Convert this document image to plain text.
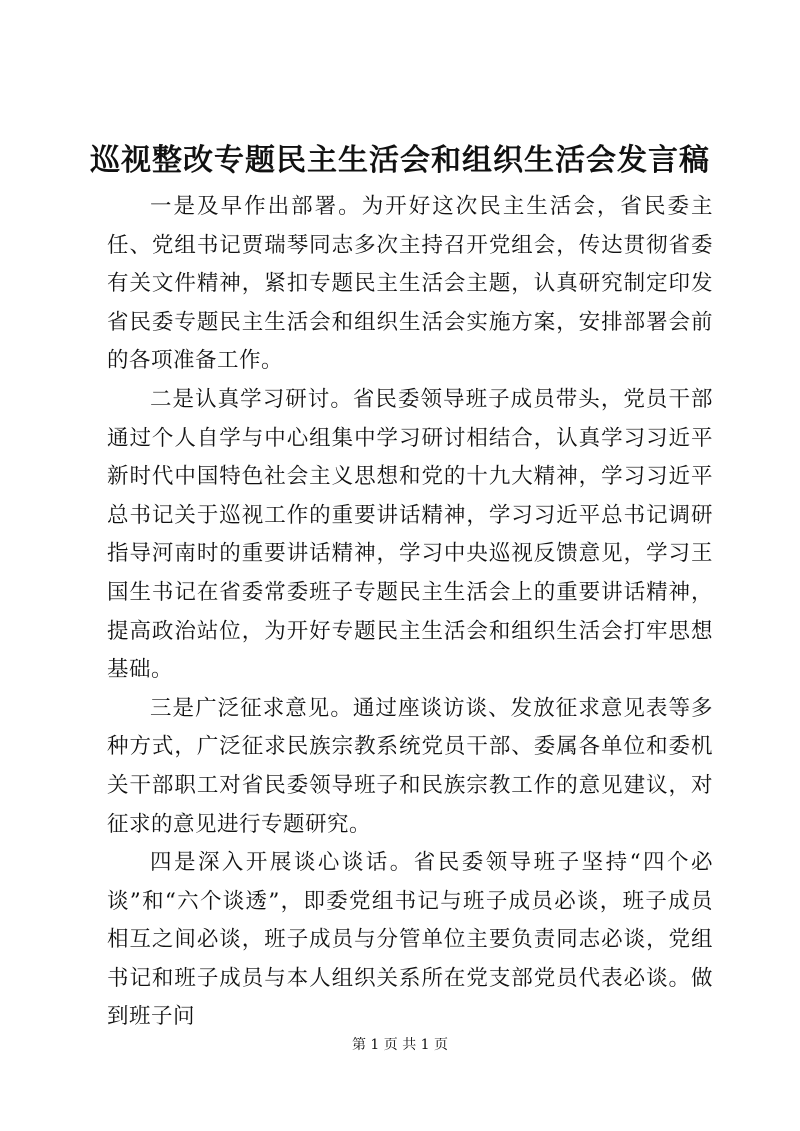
巡视整改专题民主生活会和组织生活会发言稿

一是及早作出部署。为开好这次民主生活会，省民委主任、党组书记贾瑞琴同志多次主持召开党组会，传达贯彻省委有关文件精神，紧扣专题民主生活会主题，认真研究制定印发省民委专题民主生活会和组织生活会实施方案，安排部署会前的各项准备工作。

二是认真学习研讨。省民委领导班子成员带头，党员干部通过个人自学与中心组集中学习研讨相结合，认真学习习近平新时代中国特色社会主义思想和党的十九大精神，学习习近平总书记关于巡视工作的重要讲话精神，学习习近平总书记调研指导河南时的重要讲话精神，学习中央巡视反馈意见，学习王国生书记在省委常委班子专题民主生活会上的重要讲话精神，提高政治站位，为开好专题民主生活会和组织生活会打牢思想基础。

三是广泛征求意见。通过座谈访谈、发放征求意见表等多种方式，广泛征求民族宗教系统党员干部、委属各单位和委机关干部职工对省民委领导班子和民族宗教工作的意见建议，对征求的意见进行专题研究。

四是深入开展谈心谈话。省民委领导班子坚持“四个必谈”和“六个谈透”，即委党组书记与班子成员必谈，班子成员相互之间必谈，班子成员与分管单位主要负责同志必谈，党组书记和班子成员与本人组织关系所在党支部党员代表必谈。做到班子问

第 1 页 共 1 页
